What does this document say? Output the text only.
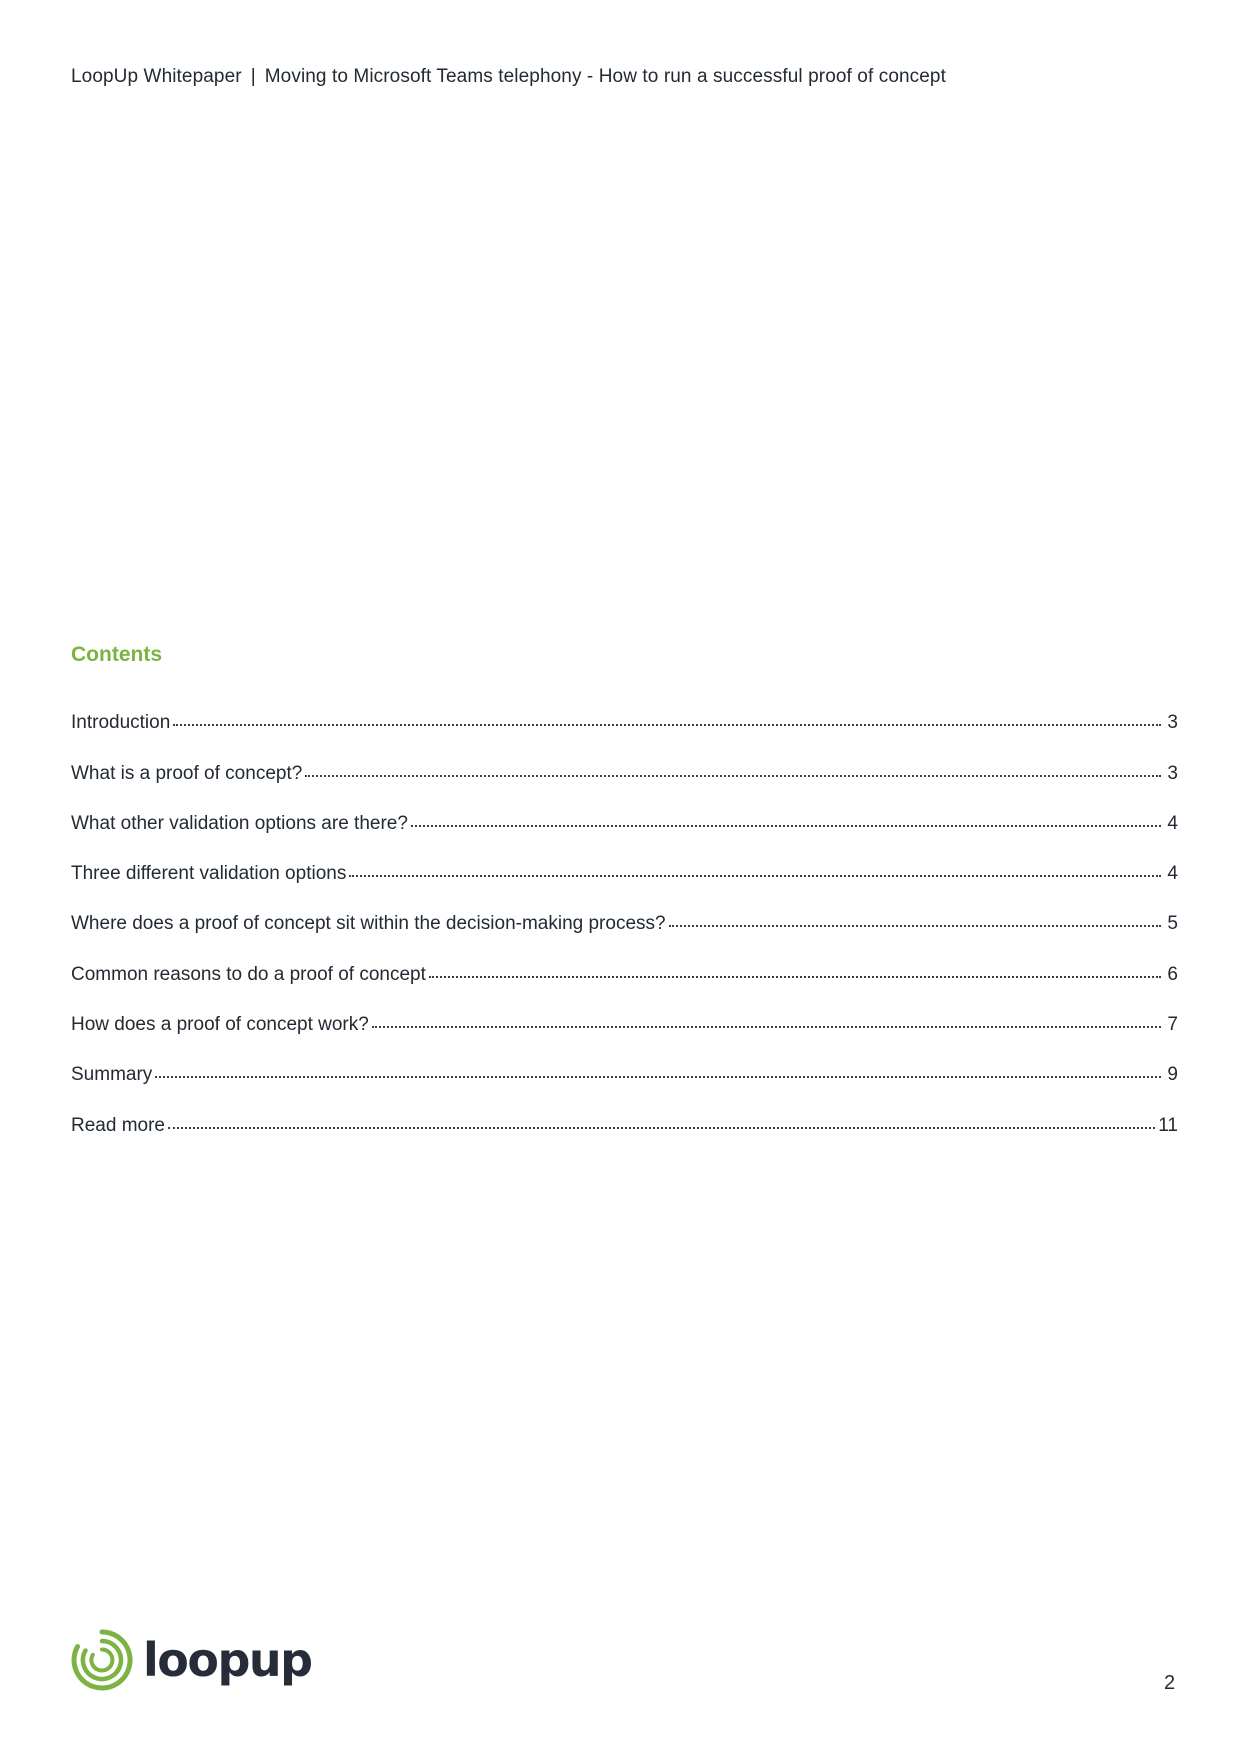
LoopUp Whitepaper | Moving to Microsoft Teams telephony - How to run a successful proof of concept
Contents
Introduction	3
What is a proof of concept?	3
What other validation options are there?	4
Three different validation options	4
Where does a proof of concept sit within the decision-making process?	5
Common reasons to do a proof of concept	6
How does a proof of concept work?	7
Summary	9
Read more	11
loopup	2
